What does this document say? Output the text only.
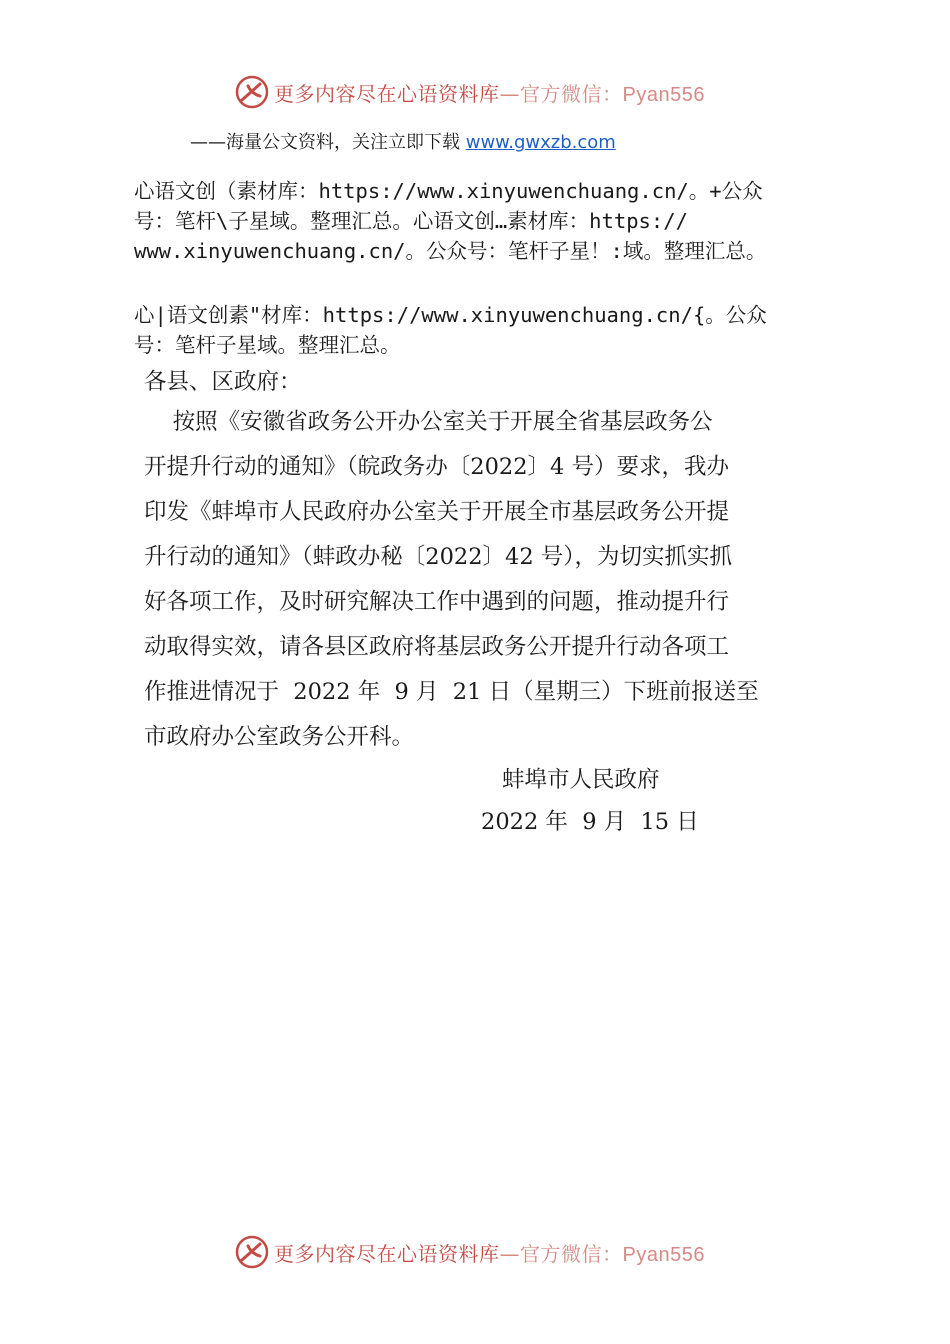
更多内容尽在心语资料库—官方微信：Pyan556
——海量公文资料，关注立即下载 www.gwxzb.com
心语文创（素材库：https://www.xinyuwenchuang.cn/。+公众
号：笔杆\子星域。整理汇总。心语文创…素材库：https://
www.xinyuwenchuang.cn/。公众号：笔杆子星！:域。整理汇总。
心|语文创素"材库：https://www.xinyuwenchuang.cn/{。公众
号：笔杆子星域。整理汇总。
各县、区政府：
按照《安徽省政务公开办公室关于开展全省基层政务公
开提升行动的通知》（皖政务办〔2022〕4 号）要求，我办
印发《蚌埠市人民政府办公室关于开展全市基层政务公开提
升行动的通知》（蚌政办秘〔2022〕42 号），为切实抓实抓
好各项工作，及时研究解决工作中遇到的问题，推动提升行
动取得实效，请各县区政府将基层政务公开提升行动各项工
作推进情况于  2022 年  9 月  21 日（星期三）下班前报送至
市政府办公室政务公开科。
蚌埠市人民政府
2022 年  9 月  15 日
更多内容尽在心语资料库—官方微信：Pyan556
